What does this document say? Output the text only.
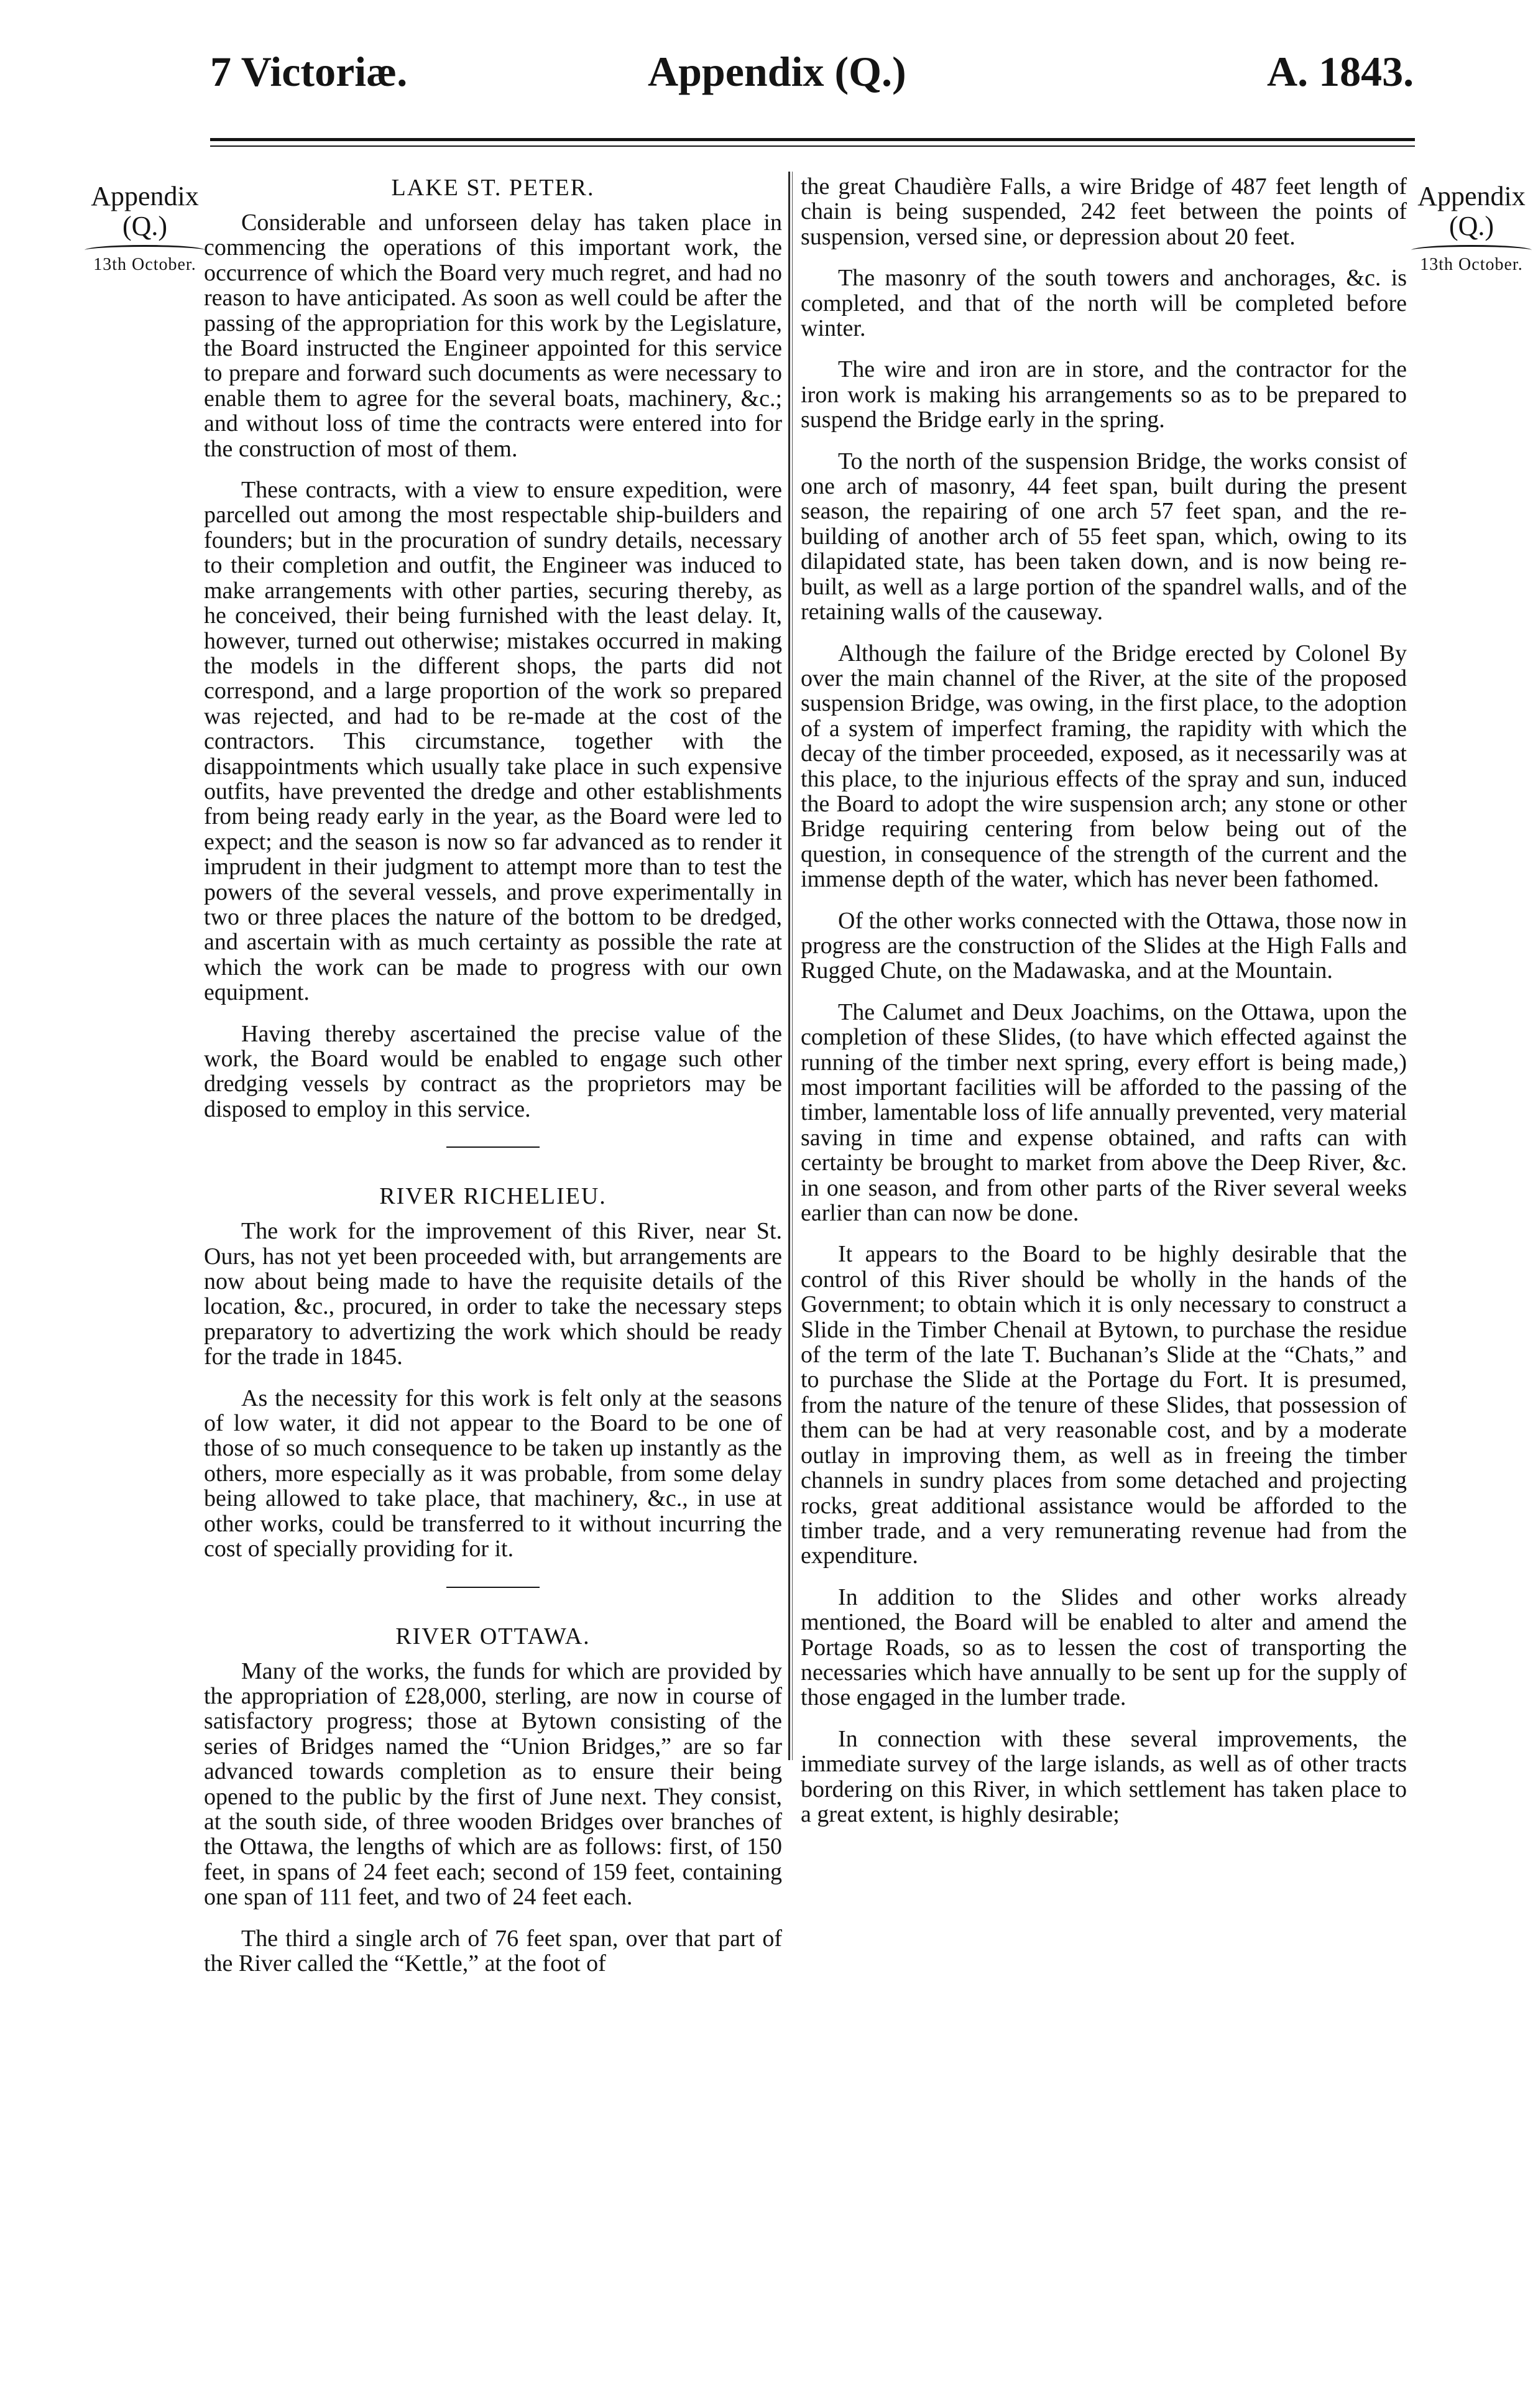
7 Victoriæ.	Appendix (Q.)	A. 1843.
Appendix
(Q.)
13th October.
Appendix
(Q.)
13th October.
LAKE ST. PETER.

Considerable and unforseen delay has taken place in commencing the operations of this important work, the occurrence of which the Board very much regret, and had no reason to have anticipated. As soon as well could be after the passing of the appropriation for this work by the Legislature, the Board instructed the Engineer appointed for this service to prepare and forward such documents as were necessary to enable them to agree for the several boats, machinery, &c.; and without loss of time the contracts were entered into for the construction of most of them.

These contracts, with a view to ensure expedition, were parcelled out among the most respectable ship-builders and founders; but in the procuration of sundry details, necessary to their completion and outfit, the Engineer was induced to make arrangements with other parties, securing thereby, as he conceived, their being furnished with the least delay. It, however, turned out otherwise; mistakes occurred in making the models in the different shops, the parts did not correspond, and a large proportion of the work so prepared was rejected, and had to be re-made at the cost of the contractors. This circumstance, together with the disappointments which usually take place in such expensive outfits, have prevented the dredge and other establishments from being ready early in the year, as the Board were led to expect; and the season is now so far advanced as to render it imprudent in their judgment to attempt more than to test the powers of the several vessels, and prove experimentally in two or three places the nature of the bottom to be dredged, and ascertain with as much certainty as possible the rate at which the work can be made to progress with our own equipment.

Having thereby ascertained the precise value of the work, the Board would be enabled to engage such other dredging vessels by contract as the proprietors may be disposed to employ in this service.

RIVER RICHELIEU.

The work for the improvement of this River, near St. Ours, has not yet been proceeded with, but arrangements are now about being made to have the requisite details of the location, &c., procured, in order to take the necessary steps preparatory to advertizing the work which should be ready for the trade in 1845.

As the necessity for this work is felt only at the seasons of low water, it did not appear to the Board to be one of those of so much consequence to be taken up instantly as the others, more especially as it was probable, from some delay being allowed to take place, that machinery, &c., in use at other works, could be transferred to it without incurring the cost of specially providing for it.

RIVER OTTAWA.

Many of the works, the funds for which are provided by the appropriation of £28,000, sterling, are now in course of satisfactory progress; those at Bytown consisting of the series of Bridges named the “Union Bridges,” are so far advanced towards completion as to ensure their being opened to the public by the first of June next. They consist, at the south side, of three wooden Bridges over branches of the Ottawa, the lengths of which are as follows: first, of 150 feet, in spans of 24 feet each; second of 159 feet, containing one span of 111 feet, and two of 24 feet each.

The third a single arch of 76 feet span, over that part of the River called the “Kettle,” at the foot of

the great Chaudière Falls, a wire Bridge of 487 feet length of chain is being suspended, 242 feet between the points of suspension, versed sine, or depression about 20 feet.

The masonry of the south towers and anchorages, &c. is completed, and that of the north will be completed before winter.

The wire and iron are in store, and the contractor for the iron work is making his arrangements so as to be prepared to suspend the Bridge early in the spring.

To the north of the suspension Bridge, the works consist of one arch of masonry, 44 feet span, built during the present season, the repairing of one arch 57 feet span, and the re-building of another arch of 55 feet span, which, owing to its dilapidated state, has been taken down, and is now being re-built, as well as a large portion of the spandrel walls, and of the retaining walls of the causeway.

Although the failure of the Bridge erected by Colonel By over the main channel of the River, at the site of the proposed suspension Bridge, was owing, in the first place, to the adoption of a system of imperfect framing, the rapidity with which the decay of the timber proceeded, exposed, as it necessarily was at this place, to the injurious effects of the spray and sun, induced the Board to adopt the wire suspension arch; any stone or other Bridge requiring centering from below being out of the question, in consequence of the strength of the current and the immense depth of the water, which has never been fathomed.

Of the other works connected with the Ottawa, those now in progress are the construction of the Slides at the High Falls and Rugged Chute, on the Madawaska, and at the Mountain.

The Calumet and Deux Joachims, on the Ottawa, upon the completion of these Slides, (to have which effected against the running of the timber next spring, every effort is being made,) most important facilities will be afforded to the passing of the timber, lamentable loss of life annually prevented, very material saving in time and expense obtained, and rafts can with certainty be brought to market from above the Deep River, &c. in one season, and from other parts of the River several weeks earlier than can now be done.

It appears to the Board to be highly desirable that the control of this River should be wholly in the hands of the Government; to obtain which it is only necessary to construct a Slide in the Timber Chenail at Bytown, to purchase the residue of the term of the late T. Buchanan’s Slide at the “Chats,” and to purchase the Slide at the Portage du Fort. It is presumed, from the nature of the tenure of these Slides, that possession of them can be had at very reasonable cost, and by a moderate outlay in improving them, as well as in freeing the timber channels in sundry places from some detached and projecting rocks, great additional assistance would be afforded to the timber trade, and a very remunerating revenue had from the expenditure.

In addition to the Slides and other works already mentioned, the Board will be enabled to alter and amend the Portage Roads, so as to lessen the cost of transporting the necessaries which have annually to be sent up for the supply of those engaged in the lumber trade.

In connection with these several improvements, the immediate survey of the large islands, as well as of other tracts bordering on this River, in which settlement has taken place to a great extent, is highly desirable;
